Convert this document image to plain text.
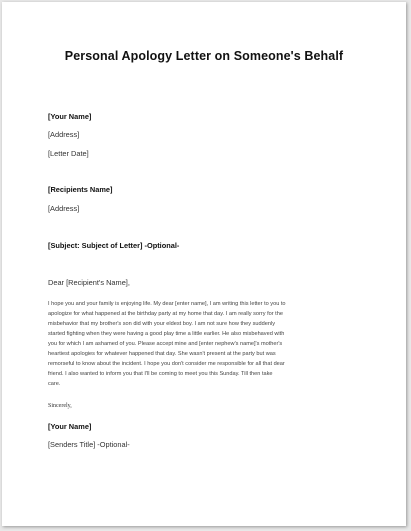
Personal Apology Letter on Someone's Behalf
[Your Name]
[Address]
[Letter Date]
[Recipients Name]
[Address]
[Subject: Subject of Letter] -Optional-
Dear [Recipient's Name],
I hope you and your family is enjoying life. My dear [enter name], I am writing this letter to you to
apologize for what happened at the birthday party at my home that day. I am really sorry for the
misbehavior that my brother's son did with your eldest boy. I am not sure how they suddenly
started fighting when they were having a good play time a little earlier. He also misbehaved with
you for which I am ashamed of you. Please accept mine and [enter nephew's name]'s mother's
heartiest apologies for whatever happened that day. She wasn't present at the party but was
remorseful to know about the incident. I hope you don't consider me responsible for all that dear
friend. I also wanted to inform you that I'll be coming to meet you this Sunday. Till then take
care.
Sincerely,
[Your Name]
[Senders Title] -Optional-
